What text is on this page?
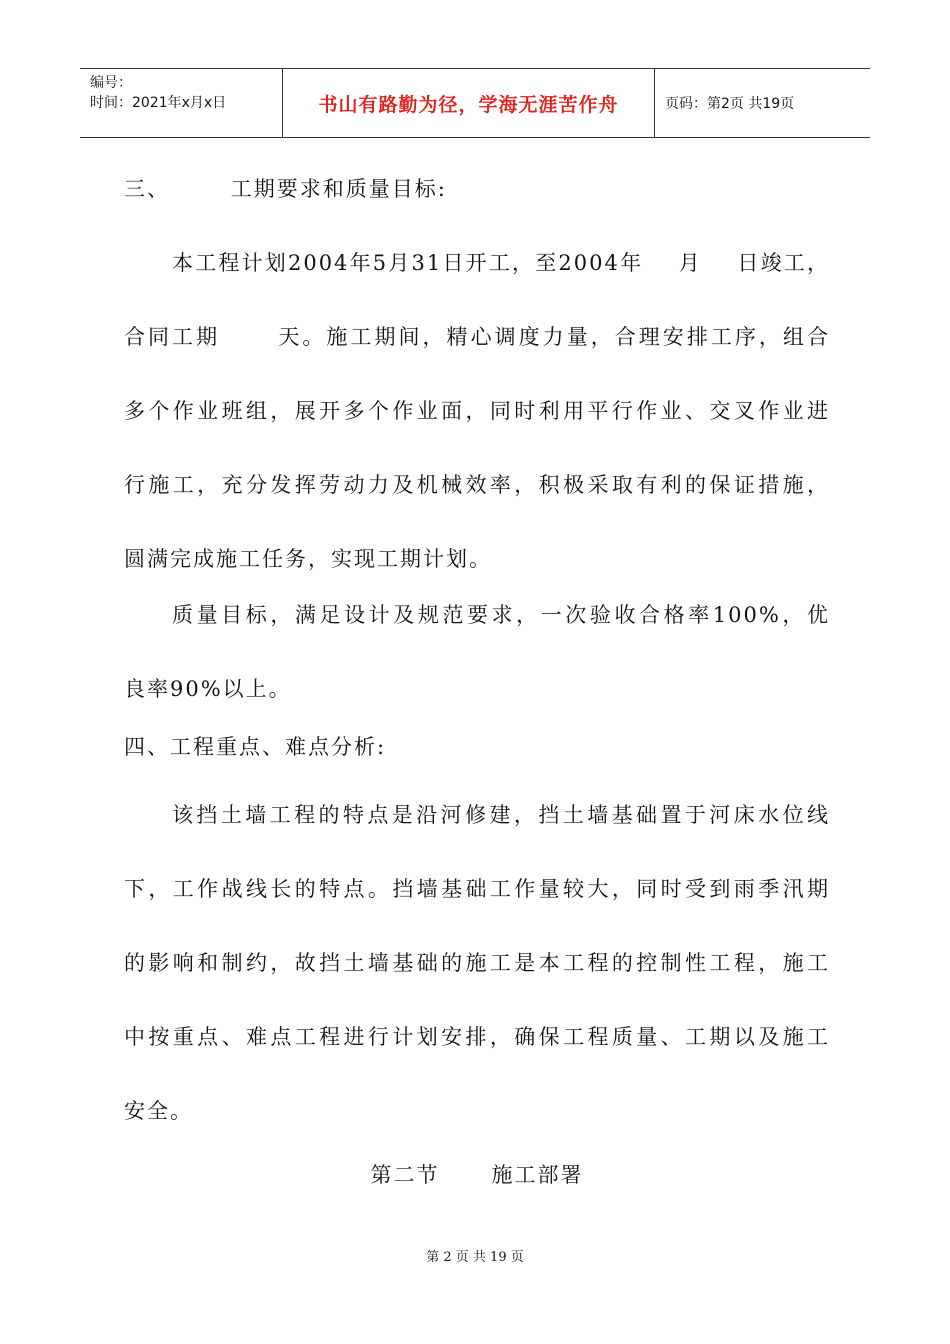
编号：
时间：2021年x月x日	书山有路勤为径，学海无涯苦作舟	页码：第2页 共19页
三、       工期要求和质量目标:
本工程计划2004年5月31日开工，至2004年    月    日竣工，
合同工期      天。施工期间，精心调度力量，合理安排工序，组合
多个作业班组，展开多个作业面，同时利用平行作业、交叉作业进
行施工，充分发挥劳动力及机械效率，积极采取有利的保证措施，
圆满完成施工任务，实现工期计划。
质量目标，满足设计及规范要求，一次验收合格率100%，优
良率90%以上。
四、工程重点、难点分析:
该挡土墙工程的特点是沿河修建，挡土墙基础置于河床水位线
下，工作战线长的特点。挡墙基础工作量较大，同时受到雨季汛期
的影响和制约，故挡土墙基础的施工是本工程的控制性工程，施工
中按重点、难点工程进行计划安排，确保工程质量、工期以及施工
安全。
第二节      施工部署
第 2 页 共 19 页
